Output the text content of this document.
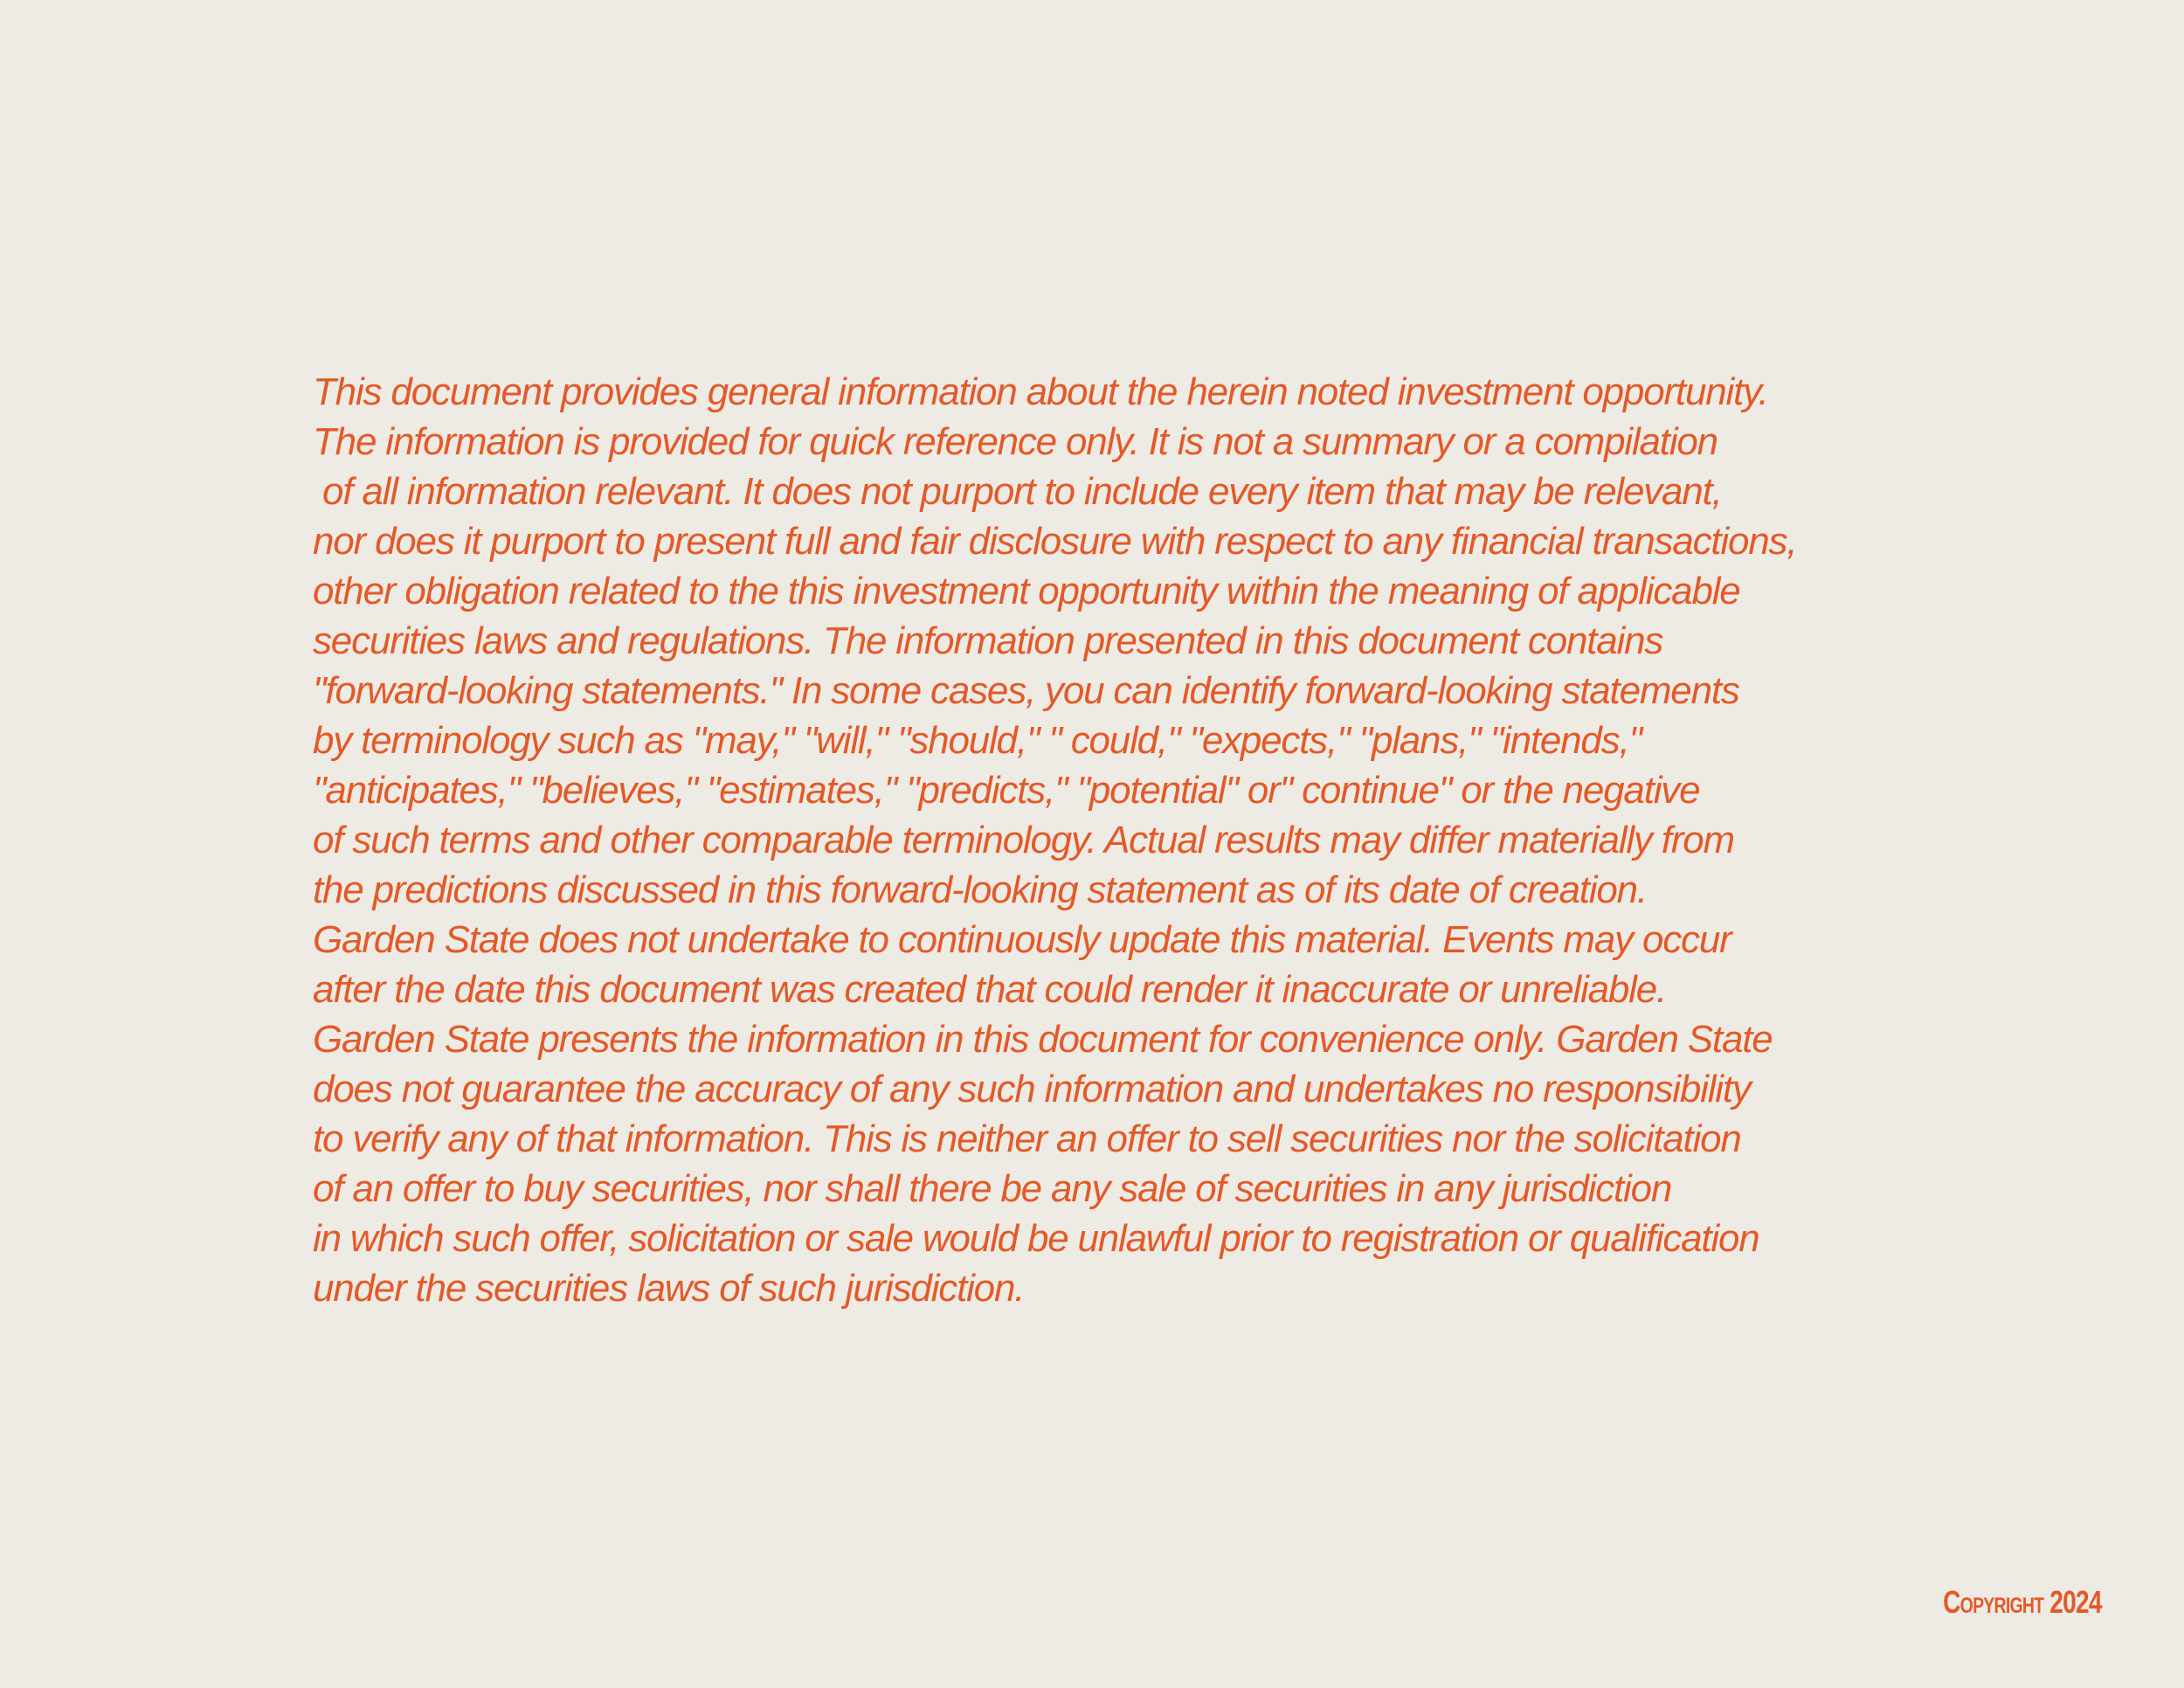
This document provides general information about the herein noted investment opportunity.
The information is provided for quick reference only. It is not a summary or a compilation
of all information relevant. It does not purport to include every item that may be relevant,
nor does it purport to present full and fair disclosure with respect to any financial transactions,
other obligation related to the this investment opportunity within the meaning of applicable
securities laws and regulations. The information presented in this document contains
"forward-looking statements." In some cases, you can identify forward-looking statements
by terminology such as "may," "will," "should," " could," "expects," "plans," "intends,"
"anticipates," "believes," "estimates," "predicts," "potential" or" continue" or the negative
of such terms and other comparable terminology. Actual results may differ materially from
the predictions discussed in this forward-looking statement as of its date of creation.
Garden State does not undertake to continuously update this material. Events may occur
after the date this document was created that could render it inaccurate or unreliable.
Garden State presents the information in this document for convenience only. Garden State
does not guarantee the accuracy of any such information and undertakes no responsibility
to verify any of that information. This is neither an offer to sell securities nor the solicitation
of an offer to buy securities, nor shall there be any sale of securities in any jurisdiction
in which such offer, solicitation or sale would be unlawful prior to registration or qualification
under the securities laws of such jurisdiction.
Copyright 2024
